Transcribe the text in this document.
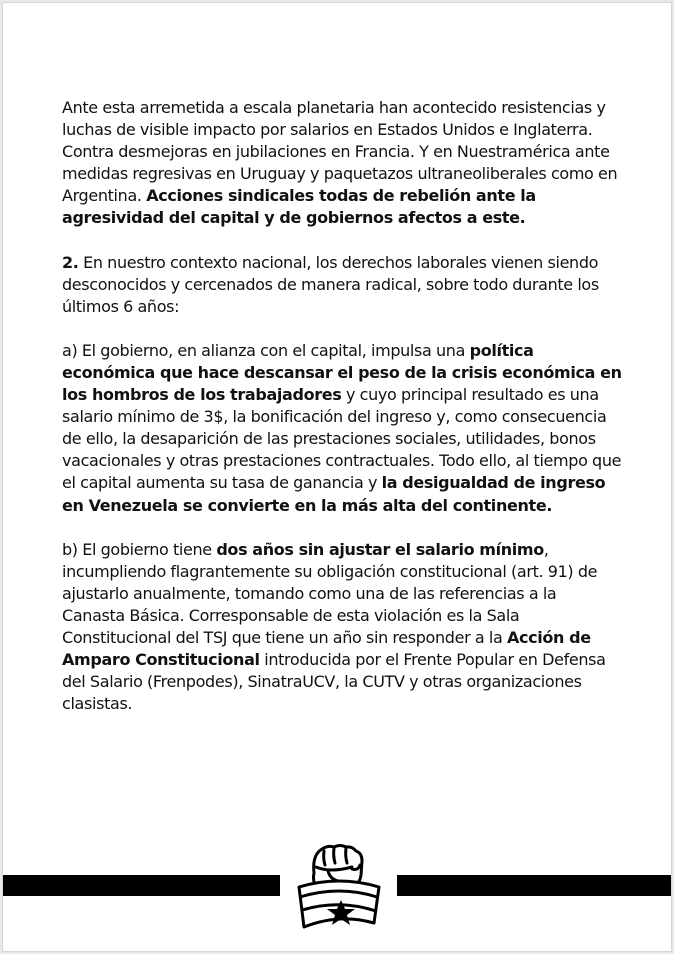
Ante esta arremetida a escala planetaria han acontecido resistencias y luchas de visible impacto por salarios en Estados Unidos e Inglaterra. Contra desmejoras en jubilaciones en Francia. Y en Nuestramérica ante medidas regresivas en Uruguay y paquetazos ultraneoliberales como en Argentina. Acciones sindicales todas de rebelión ante la agresividad del capital y de gobiernos afectos a este.

2. En nuestro contexto nacional, los derechos laborales vienen siendo desconocidos y cercenados de manera radical, sobre todo durante los últimos 6 años:

a) El gobierno, en alianza con el capital, impulsa una política económica que hace descansar el peso de la crisis económica en los hombros de los trabajadores y cuyo principal resultado es una salario mínimo de 3$, la bonificación del ingreso y, como consecuencia de ello, la desaparición de las prestaciones sociales, utilidades, bonos vacacionales y otras prestaciones contractuales. Todo ello, al tiempo que el capital aumenta su tasa de ganancia y la desigualdad de ingreso en Venezuela se convierte en la más alta del continente.

b) El gobierno tiene dos años sin ajustar el salario mínimo, incumpliendo flagrantemente su obligación constitucional (art. 91) de ajustarlo anualmente, tomando como una de las referencias a la Canasta Básica. Corresponsable de esta violación es la Sala Constitucional del TSJ que tiene un año sin responder a la Acción de Amparo Constitucional introducida por el Frente Popular en Defensa del Salario (Frenpodes), SinatraUCV, la CUTV y otras organizaciones clasistas.
